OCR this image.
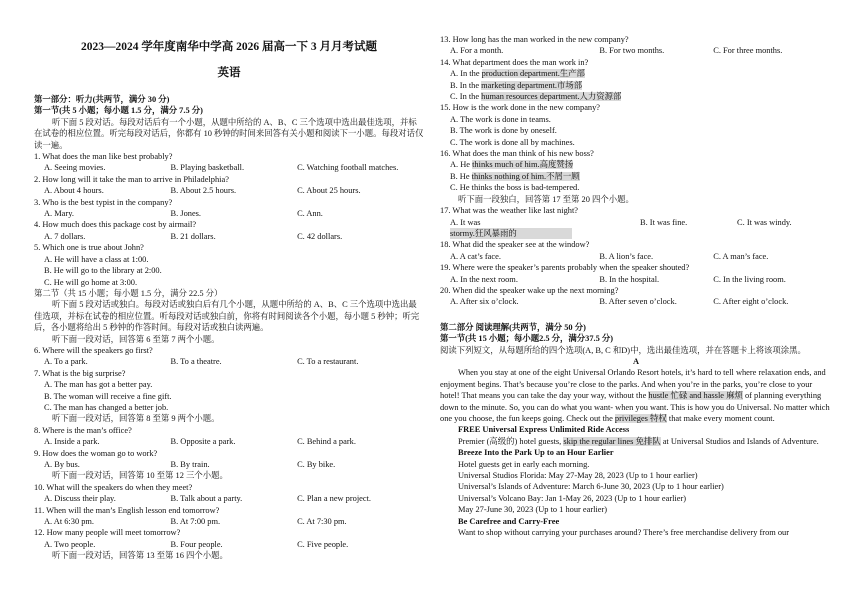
2023—2024 学年度南华中学高 2026 届高一下 3 月月考试题
英语
第一部分：听力(共两节，满分 30 分)
第一节(共 5 小题；每小题 1.5 分，满分 7.5 分)

听下面 5 段对话。每段对话后有一个小题，从题中所给的 A、B、C 三个选项中选出最佳选项，并标在试卷的相应位置。听完每段对话后，你都有 10 秒钟的时间来回答有关小题和阅读下一小题。每段对话仅读一遍。

1. What does the man like best probably?

A. Seeing movies.	B. Playing basketball.	C. Watching football matches.

2. How long will it take the man to arrive in Philadelphia?

A. About 4 hours.	B. About 2.5 hours.	C. About 25 hours.

3. Who is the best typist in the company?

A. Mary.	B. Jones.	C. Ann.

4. How much does this package cost by airmail?

A. 7 dollars.	B. 21 dollars.	C. 42 dollars.

5. Which one is true about John?

A. He will have a class at 1:00.
B. He will go to the library at 2:00.
C. He will go home at 3:00.
第二节（共 15 小题；每小题 1.5 分，满分 22.5 分）

听下面 5 段对话或独白。每段对话或独白后有几个小题，从题中所给的 A、B、C 三个选项中选出最佳选项，并标在试卷的相应位置。听每段对话或独白前，你将有时间阅读各个小题，每小题 5 秒钟；听完后，各小题将给出 5 秒钟的作答时间。每段对话或独白读两遍。

听下面一段对话，回答第 6 至第 7 两个小题。

6. Where will the speakers go first?

A. To a park.	B. To a theatre.	C. To a restaurant.

7. What is the big surprise?

A. The man has got a better pay.
B. The woman will receive a fine gift.
C. The man has changed a better job.
听下面一段对话，回答第 8 至第 9 两个小题。

8. Where is the man’s office?

A. Inside a park.	B. Opposite a park.	C. Behind a park.

9. How does the woman go to work?

A. By bus.	B. By train.	C. By bike.
听下面一段对话，回答第 10 至第 12 三个小题。

10. What will the speakers do when they meet?

A. Discuss their play.	B. Talk about a party.	C. Plan a new project.

11. When will the man’s English lesson end tomorrow?

A. At 6:30 pm.	B. At 7:00 pm.	C. At 7:30 pm.

12. How many people will meet tomorrow?

A. Two people.	B. Four people.	C. Five people.
听下面一段对话，回答第 13 至第 16 四个小题。

13. How long has the man worked in the new company?

A. For a month.	B. For two months.	C. For three months.

14. What department does the man work in?

A. In the production department.生产部
B. In the marketing department.市场部
C. In the human resources department.人力资源部

15. How is the work done in the new company?

A. The work is done in teams.
B. The work is done by oneself.
C. The work is done all by machines.

16. What does the man think of his new boss?

A. He thinks much of him.高度赞扬
B. He thinks nothing of him.不屑一顾
C. He thinks the boss is bad-tempered.
听下面一段独白，回答第 17 至第 20 四个小题。

17. What was the weather like last night?

A. It was
stormy.狂风暴雨的
B. It was fine.	C. It was windy.

18. What did the speaker see at the window?

A. A cat’s face.	B. A lion’s face.	C. A man’s face.

19. Where were the speaker’s parents probably when the speaker shouted?

A. In the next room.	B. In the hospital.	C. In the living room.

20. When did the speaker wake up the next morning?

A. After six o’clock.	B. After seven o’clock.	C. After eight o’clock.
第二部分 阅读理解(共两节，满分 50 分)
第一节(共 15 小题；每小题2.5 分，满分37.5 分)
阅读下列短文，从每题所给的四个选项(A, B, C 和D)中，选出最佳选项，并在答题卡上将该项涂黑。
A

When you stay at one of the eight Universal Orlando Resort hotels, it’s hard to tell where relaxation ends, and enjoyment begins. That’s because you’re close to the parks. And when you’re in the parks, you’re close to your hotel! That means you can take the day your way, without the hustle 忙碌 and hassle 麻烦 of planning everything down to the minute. So, you can do what you want- when you want. This is how you do Universal. No matter which one you choose, the fun keeps going. Check out the privileges 特权 that make every moment count.

FREE Universal Express Unlimited Ride Access

Premier (高级的) hotel guests, skip the regular lines 免排队 at Universal Studios and Islands of Adventure.

Breeze Into the Park Up to an Hour Earlier
Hotel guests get in early each morning.
Universal Studios Florida: May 27-May 28, 2023 (Up to 1 hour earlier)
Universal’s Islands of Adventure: March 6-June 30, 2023 (Up to 1 hour earlier)
Universal’s Volcano Bay: Jan 1-May 26, 2023 (Up to 1 hour earlier)
May 27-June 30, 2023 (Up to 1 hour earlier)
Be Carefree and Carry-Free

Want to shop without carrying your purchases around? There’s free merchandise delivery from our
